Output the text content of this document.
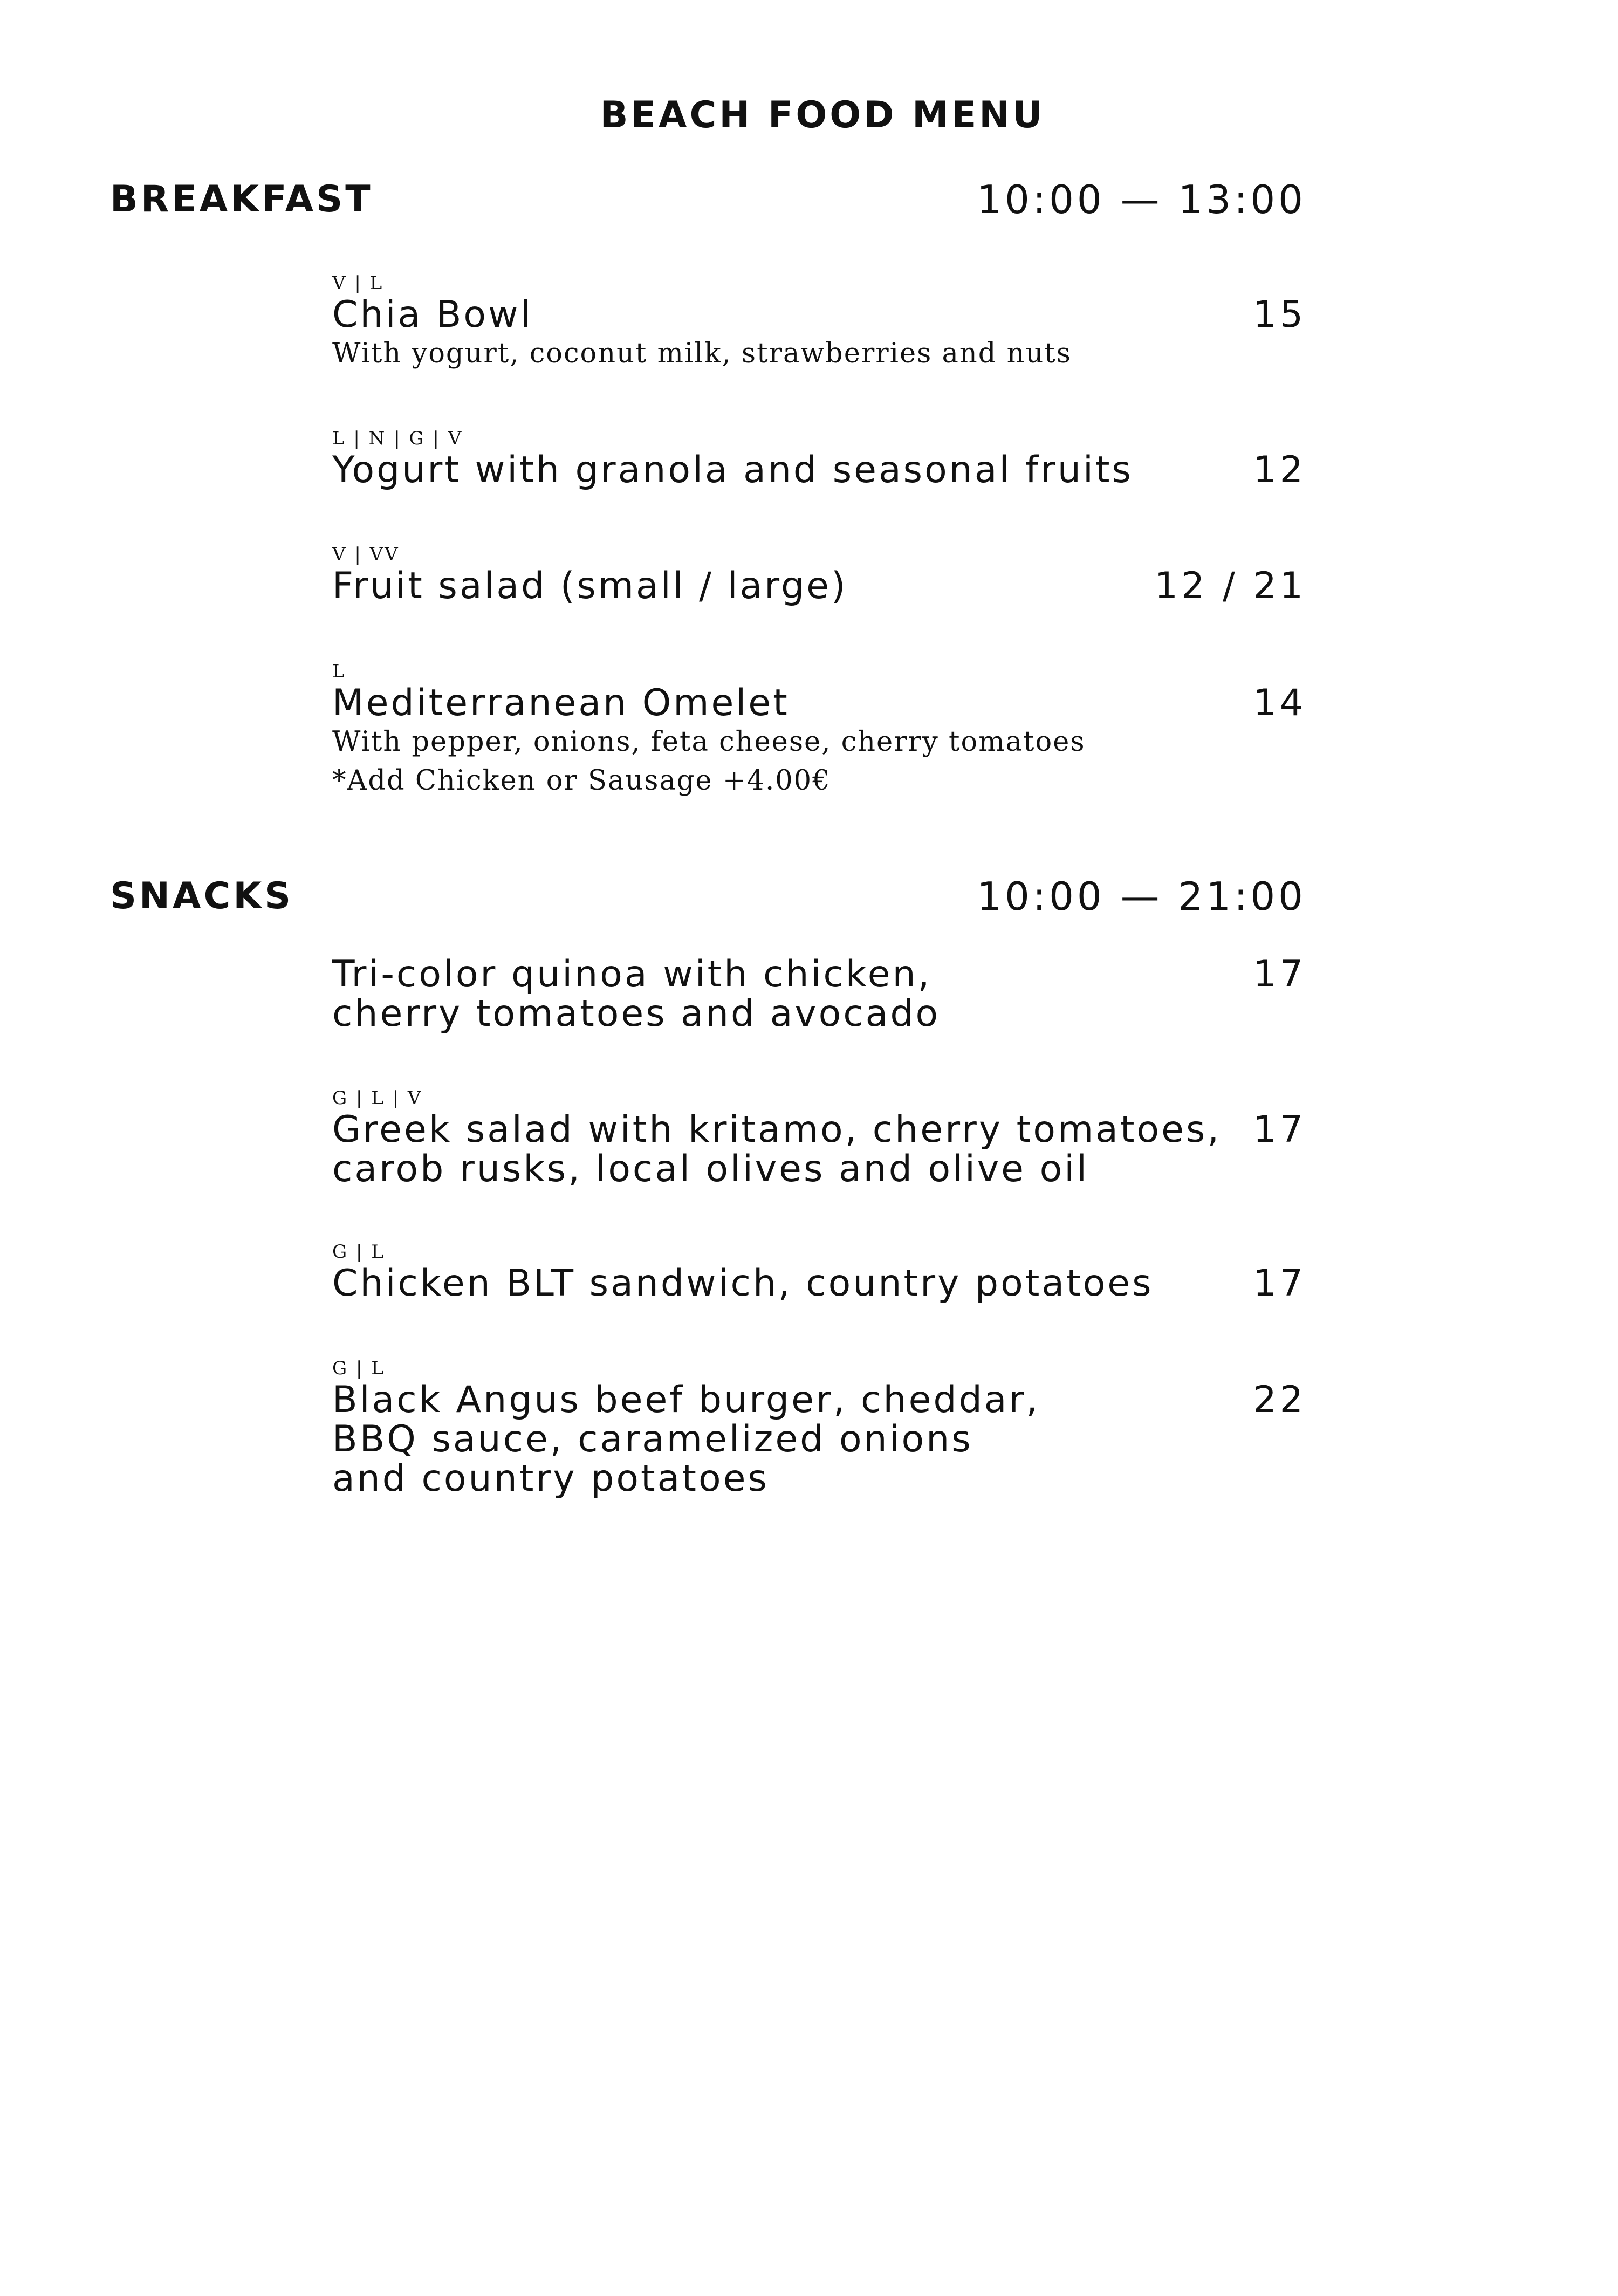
BEACH FOOD MENU
BREAKFAST	10:00 — 13:00
V | L
Chia Bowl	15
With yogurt, coconut milk, strawberries and nuts
L | N | G | V
Yogurt with granola and seasonal fruits	12
V | VV
Fruit salad (small / large)	12 / 21
L
Mediterranean Omelet	14
With pepper, onions, feta cheese, cherry tomatoes
*Add Chicken or Sausage +4.00€
SNACKS	10:00 — 21:00
Tri-color quinoa with chicken,
cherry tomatoes and avocado
17
G | L | V
Greek salad with kritamo, cherry tomatoes,
carob rusks, local olives and olive oil
17
G | L
Chicken BLT sandwich, country potatoes	17
G | L
Black Angus beef burger, cheddar,
BBQ sauce, caramelized onions
and country potatoes
22
